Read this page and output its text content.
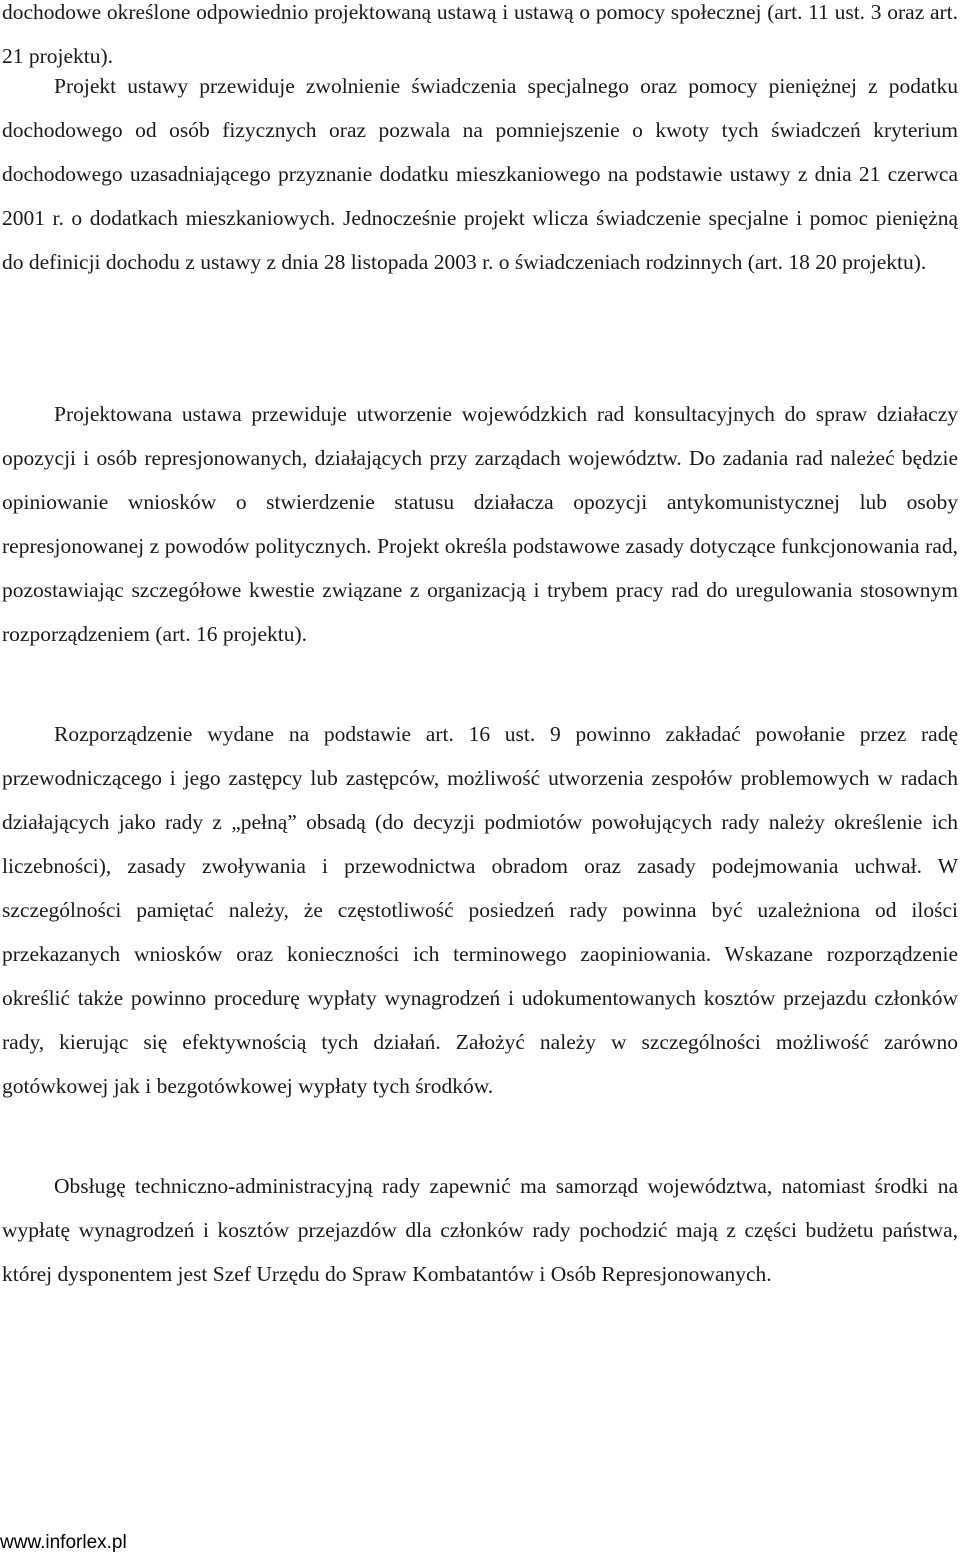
dochodowe określone odpowiednio projektowaną ustawą i ustawą o pomocy społecznej (art. 11 ust. 3 oraz art. 21 projektu).

Projekt ustawy przewiduje zwolnienie świadczenia specjalnego oraz pomocy pieniężnej z podatku dochodowego od osób fizycznych oraz pozwala na pomniejszenie o kwoty tych świadczeń kryterium dochodowego uzasadniającego przyznanie dodatku mieszkaniowego na podstawie ustawy z dnia 21 czerwca 2001 r. o dodatkach mieszkaniowych. Jednocześnie projekt wlicza świadczenie specjalne i pomoc pieniężną do definicji dochodu z ustawy z dnia 28 listopada 2003 r. o świadczeniach rodzinnych (art. 18 20 projektu).

Projektowana ustawa przewiduje utworzenie wojewódzkich rad konsultacyjnych do spraw działaczy opozycji i osób represjonowanych, działających przy zarządach województw. Do zadania rad należeć będzie opiniowanie wniosków o stwierdzenie statusu działacza opozycji antykomunistycznej lub osoby represjonowanej z powodów politycznych. Projekt określa podstawowe zasady dotyczące funkcjonowania rad, pozostawiając szczegółowe kwestie związane z organizacją i trybem pracy rad do uregulowania stosownym rozporządzeniem (art. 16 projektu).

Rozporządzenie wydane na podstawie art. 16 ust. 9 powinno zakładać powołanie przez radę przewodniczącego i jego zastępcy lub zastępców, możliwość utworzenia zespołów problemowych w radach działających jako rady z „pełną” obsadą (do decyzji podmiotów powołujących rady należy określenie ich liczebności), zasady zwoływania i przewodnictwa obradom oraz zasady podejmowania uchwał. W szczególności pamiętać należy, że częstotliwość posiedzeń rady powinna być uzależniona od ilości przekazanych wniosków oraz konieczności ich terminowego zaopiniowania. Wskazane rozporządzenie określić także powinno procedurę wypłaty wynagrodzeń i udokumentowanych kosztów przejazdu członków rady, kierując się efektywnością tych działań. Założyć należy w szczególności możliwość zarówno gotówkowej jak i bezgotówkowej wypłaty tych środków.

Obsługę techniczno-administracyjną rady zapewnić ma samorząd województwa, natomiast środki na wypłatę wynagrodzeń i kosztów przejazdów dla członków rady pochodzić mają z części budżetu państwa, której dysponentem jest Szef Urzędu do Spraw Kombatantów i Osób Represjonowanych.

www.inforlex.pl
